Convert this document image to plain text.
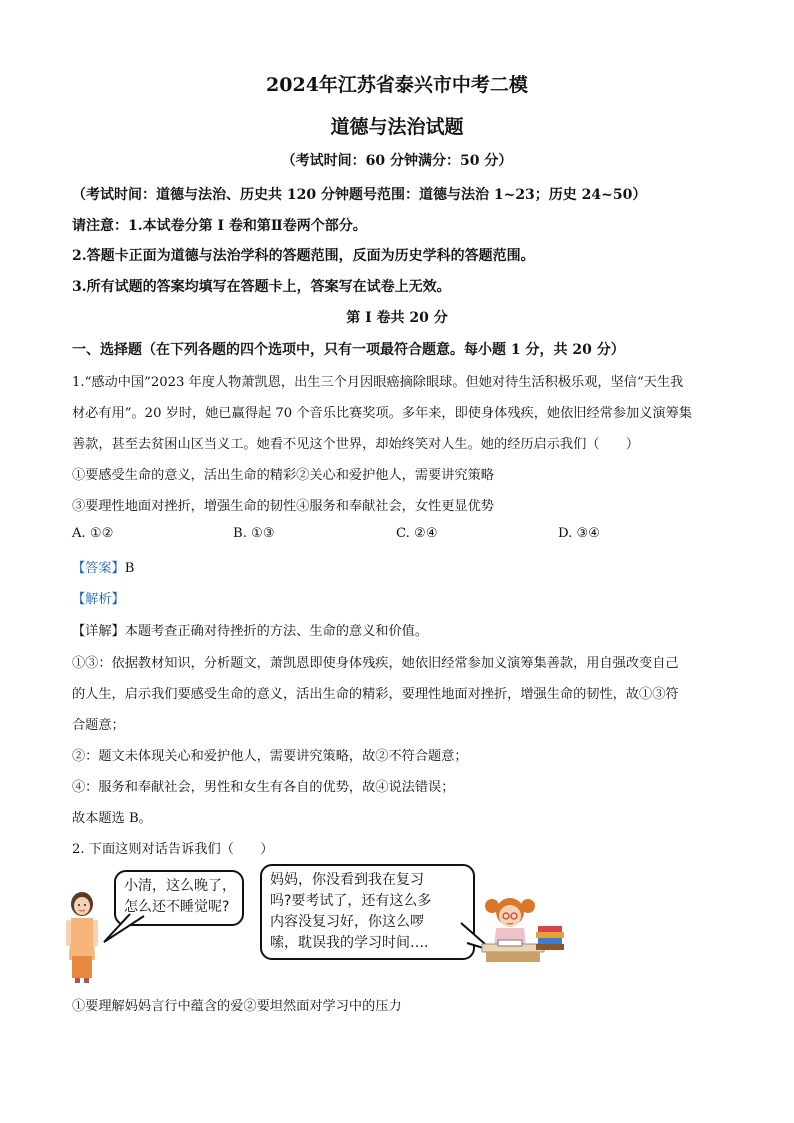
2024年江苏省泰兴市中考二模
道德与法治试题
（考试时间：60 分钟满分：50 分）
（考试时间：道德与法治、历史共 120 分钟题号范围：道德与法治 1~23；历史 24~50）
请注意：1.本试卷分第 I 卷和第Ⅱ卷两个部分。
2.答题卡正面为道德与法治学科的答题范围，反面为历史学科的答题范围。
3.所有试题的答案均填写在答题卡上，答案写在试卷上无效。
第 I 卷共 20 分
一、选择题（在下列各题的四个选项中，只有一项最符合题意。每小题 1 分，共 20 分）
1.“感动中国”2023 年度人物萧凯恩，出生三个月因眼癌摘除眼球。但她对待生活积极乐观，坚信“天生我
材必有用”。20 岁时，她已赢得起 70 个音乐比赛奖项。多年来，即使身体残疾，她依旧经常参加义演筹集
善款，甚至去贫困山区当义工。她看不见这个世界，却始终笑对人生。她的经历启示我们（　　）
①要感受生命的意义，活出生命的精彩②关心和爱护他人，需要讲究策略
③要理性地面对挫折，增强生命的韧性④服务和奉献社会，女性更显优势
A. ①②	B. ①③	C. ②④	D. ③④
【答案】B
【解析】
【详解】本题考查正确对待挫折的方法、生命的意义和价值。
①③：依据教材知识，分析题文，萧凯恩即使身体残疾，她依旧经常参加义演筹集善款，用自强改变自己
的人生，启示我们要感受生命的意义，活出生命的精彩，要理性地面对挫折，增强生命的韧性，故①③符
合题意；
②：题文未体现关心和爱护他人，需要讲究策略，故②不符合题意；
④：服务和奉献社会，男性和女生有各自的优势，故④说法错误；
故本题选 B。
2. 下面这则对话告诉我们（　　）
小清，这么晚了，
怎么还不睡觉呢?
妈妈，你没看到我在复习
吗?要考试了，还有这么多
内容没复习好，你这么啰
嗦，耽误我的学习时间….
①要理解妈妈言行中蕴含的爱②要坦然面对学习中的压力
